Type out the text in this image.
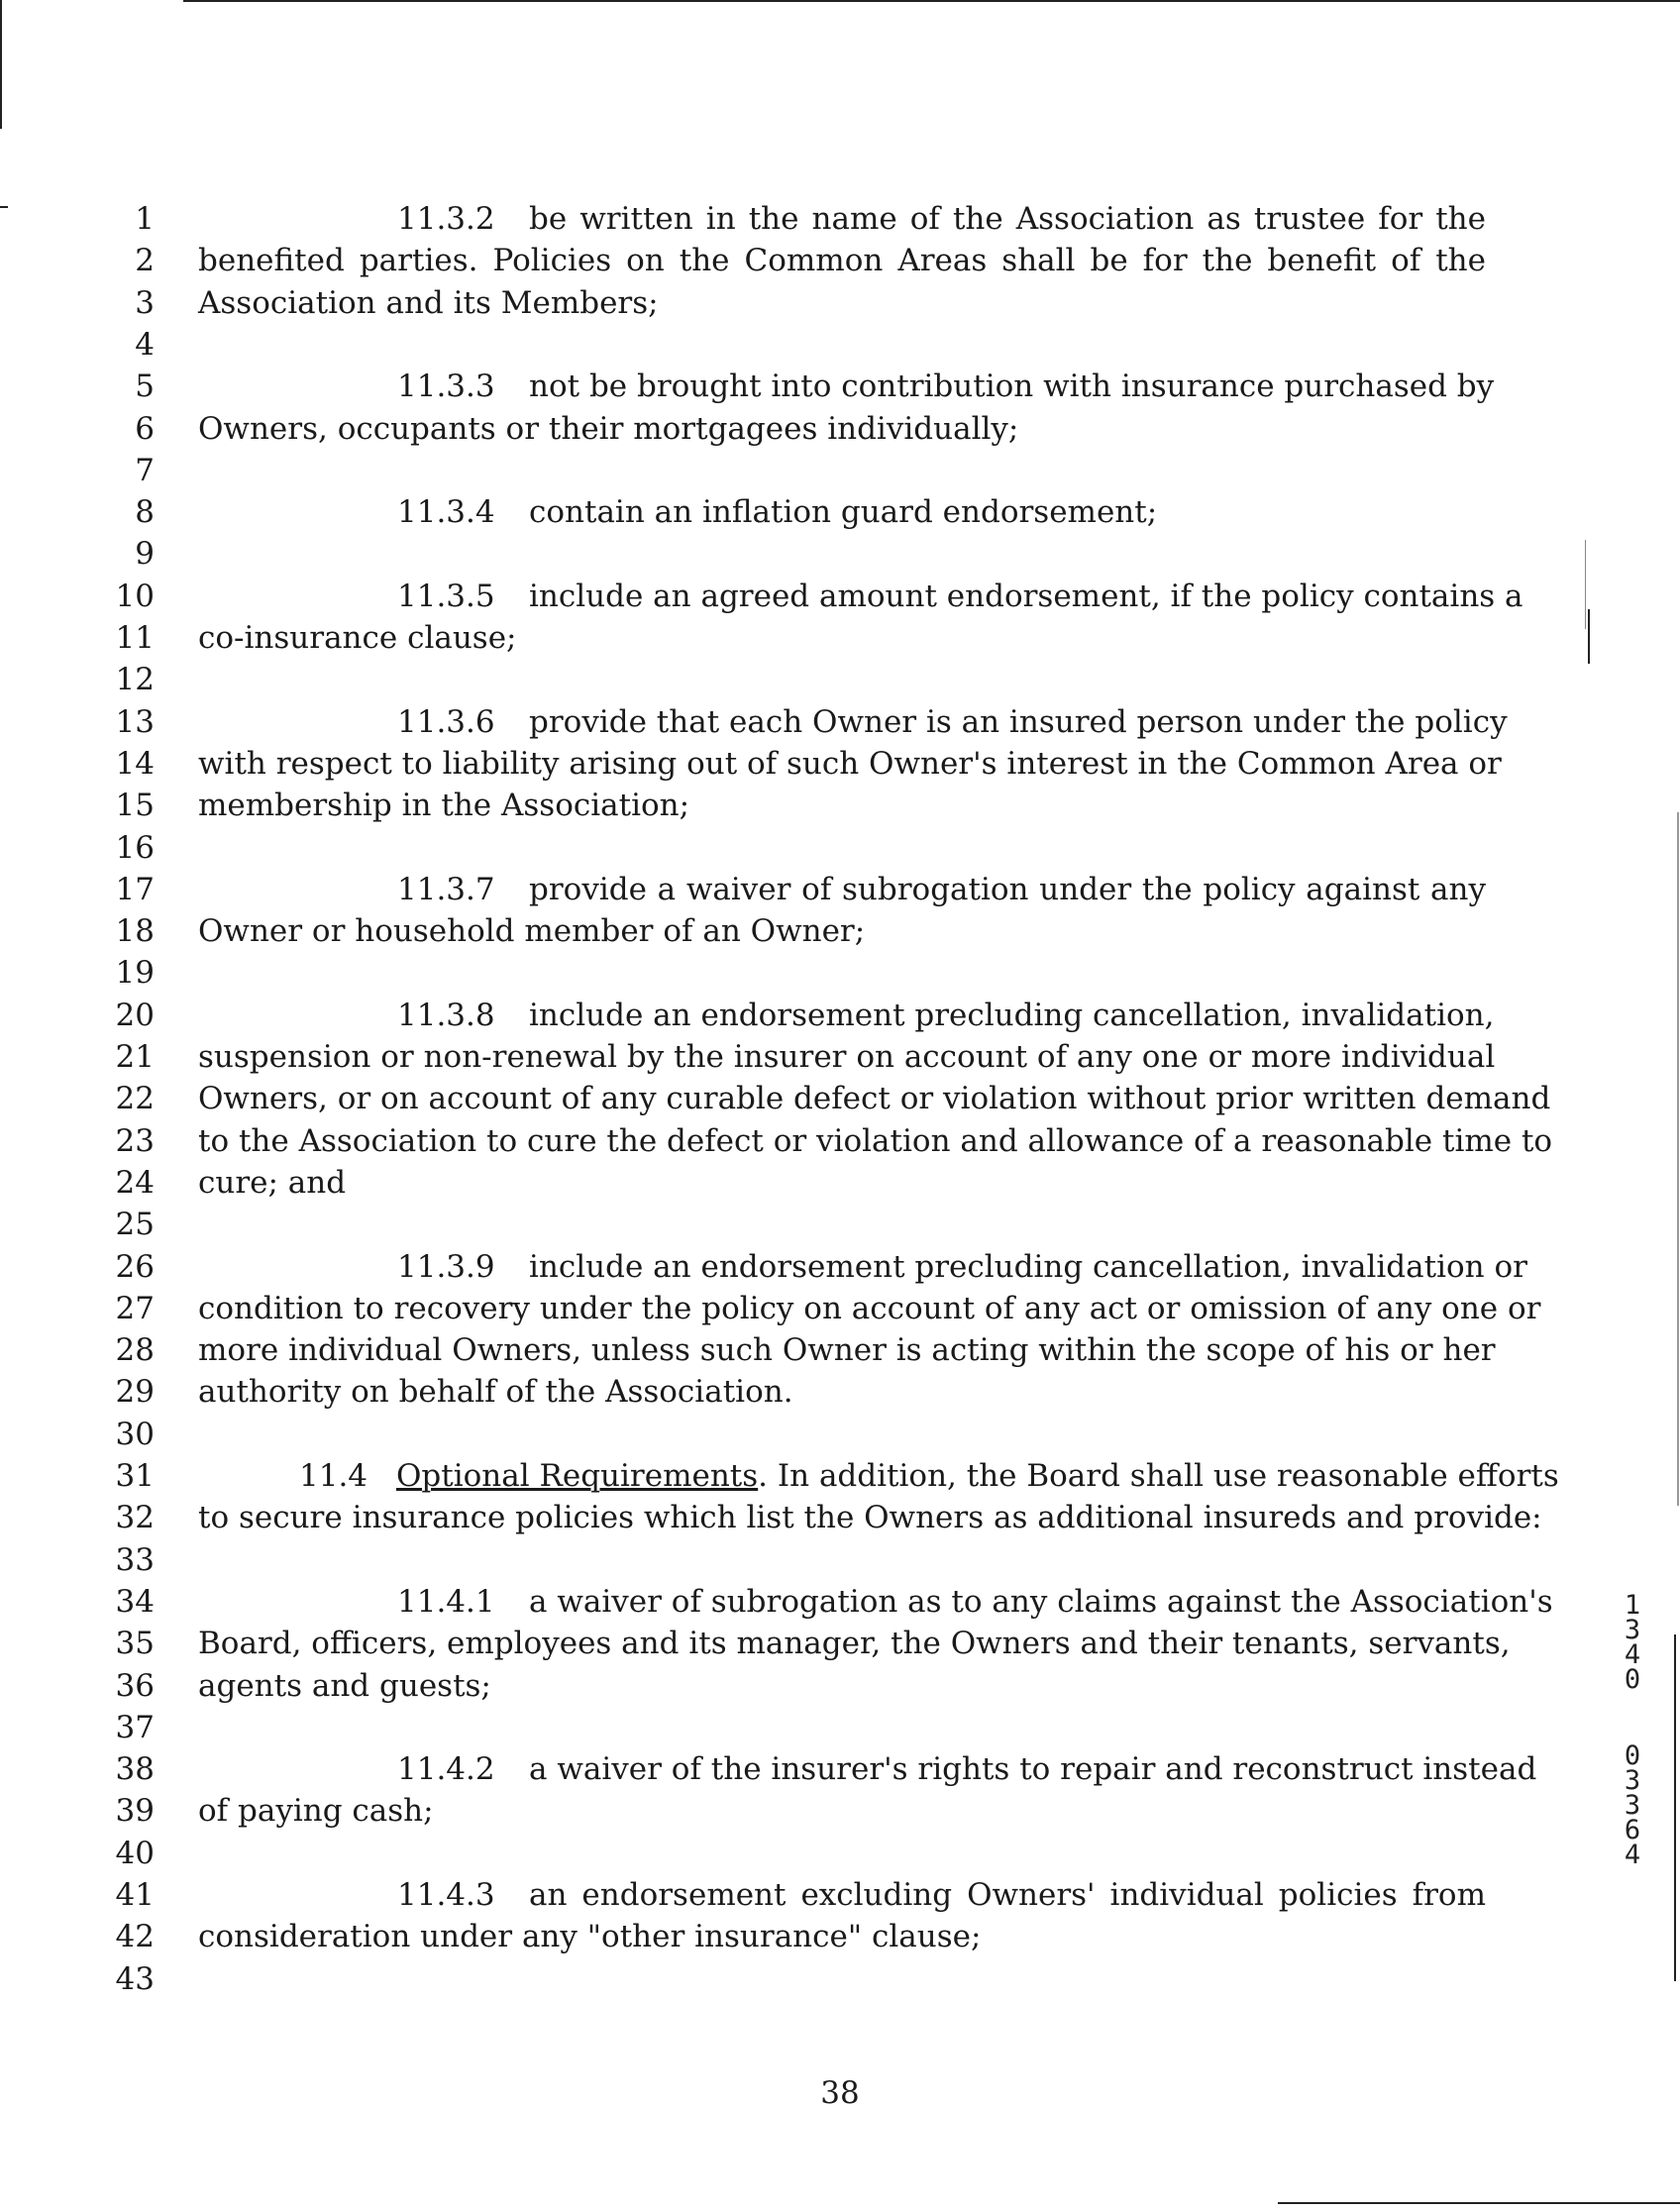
1	11.3.2 be written in the name of the Association as trustee for the
2 benefited parties. Policies on the Common Areas shall be for the benefit of the
3 Association and its Members;
4
5	11.3.3 not be brought into contribution with insurance purchased by
6 Owners, occupants or their mortgagees individually;
7
8	11.3.4 contain an inflation guard endorsement;
9
10	11.3.5 include an agreed amount endorsement, if the policy contains a
11 co-insurance clause;
12
13	11.3.6 provide that each Owner is an insured person under the policy
14 with respect to liability arising out of such Owner's interest in the Common Area or
15 membership in the Association;
16
17	11.3.7 provide a waiver of subrogation under the policy against any
18 Owner or household member of an Owner;
19
20	11.3.8 include an endorsement precluding cancellation, invalidation,
21 suspension or non-renewal by the insurer on account of any one or more individual
22 Owners, or on account of any curable defect or violation without prior written demand
23 to the Association to cure the defect or violation and allowance of a reasonable time to
24 cure; and
25
26	11.3.9 include an endorsement precluding cancellation, invalidation or
27 condition to recovery under the policy on account of any act or omission of any one or
28 more individual Owners, unless such Owner is acting within the scope of his or her
29 authority on behalf of the Association.
30
31	11.4 Optional Requirements. In addition, the Board shall use reasonable efforts
32 to secure insurance policies which list the Owners as additional insureds and provide:
33
34	11.4.1 a waiver of subrogation as to any claims against the Association's
35 Board, officers, employees and its manager, the Owners and their tenants, servants,
36 agents and guests;
37
38	11.4.2 a waiver of the insurer's rights to repair and reconstruct instead
39 of paying cash;
40
41	11.4.3 an endorsement excluding Owners' individual policies from
42 consideration under any "other insurance" clause;
43
38
1
3
4
0
0
3
3
6
4
